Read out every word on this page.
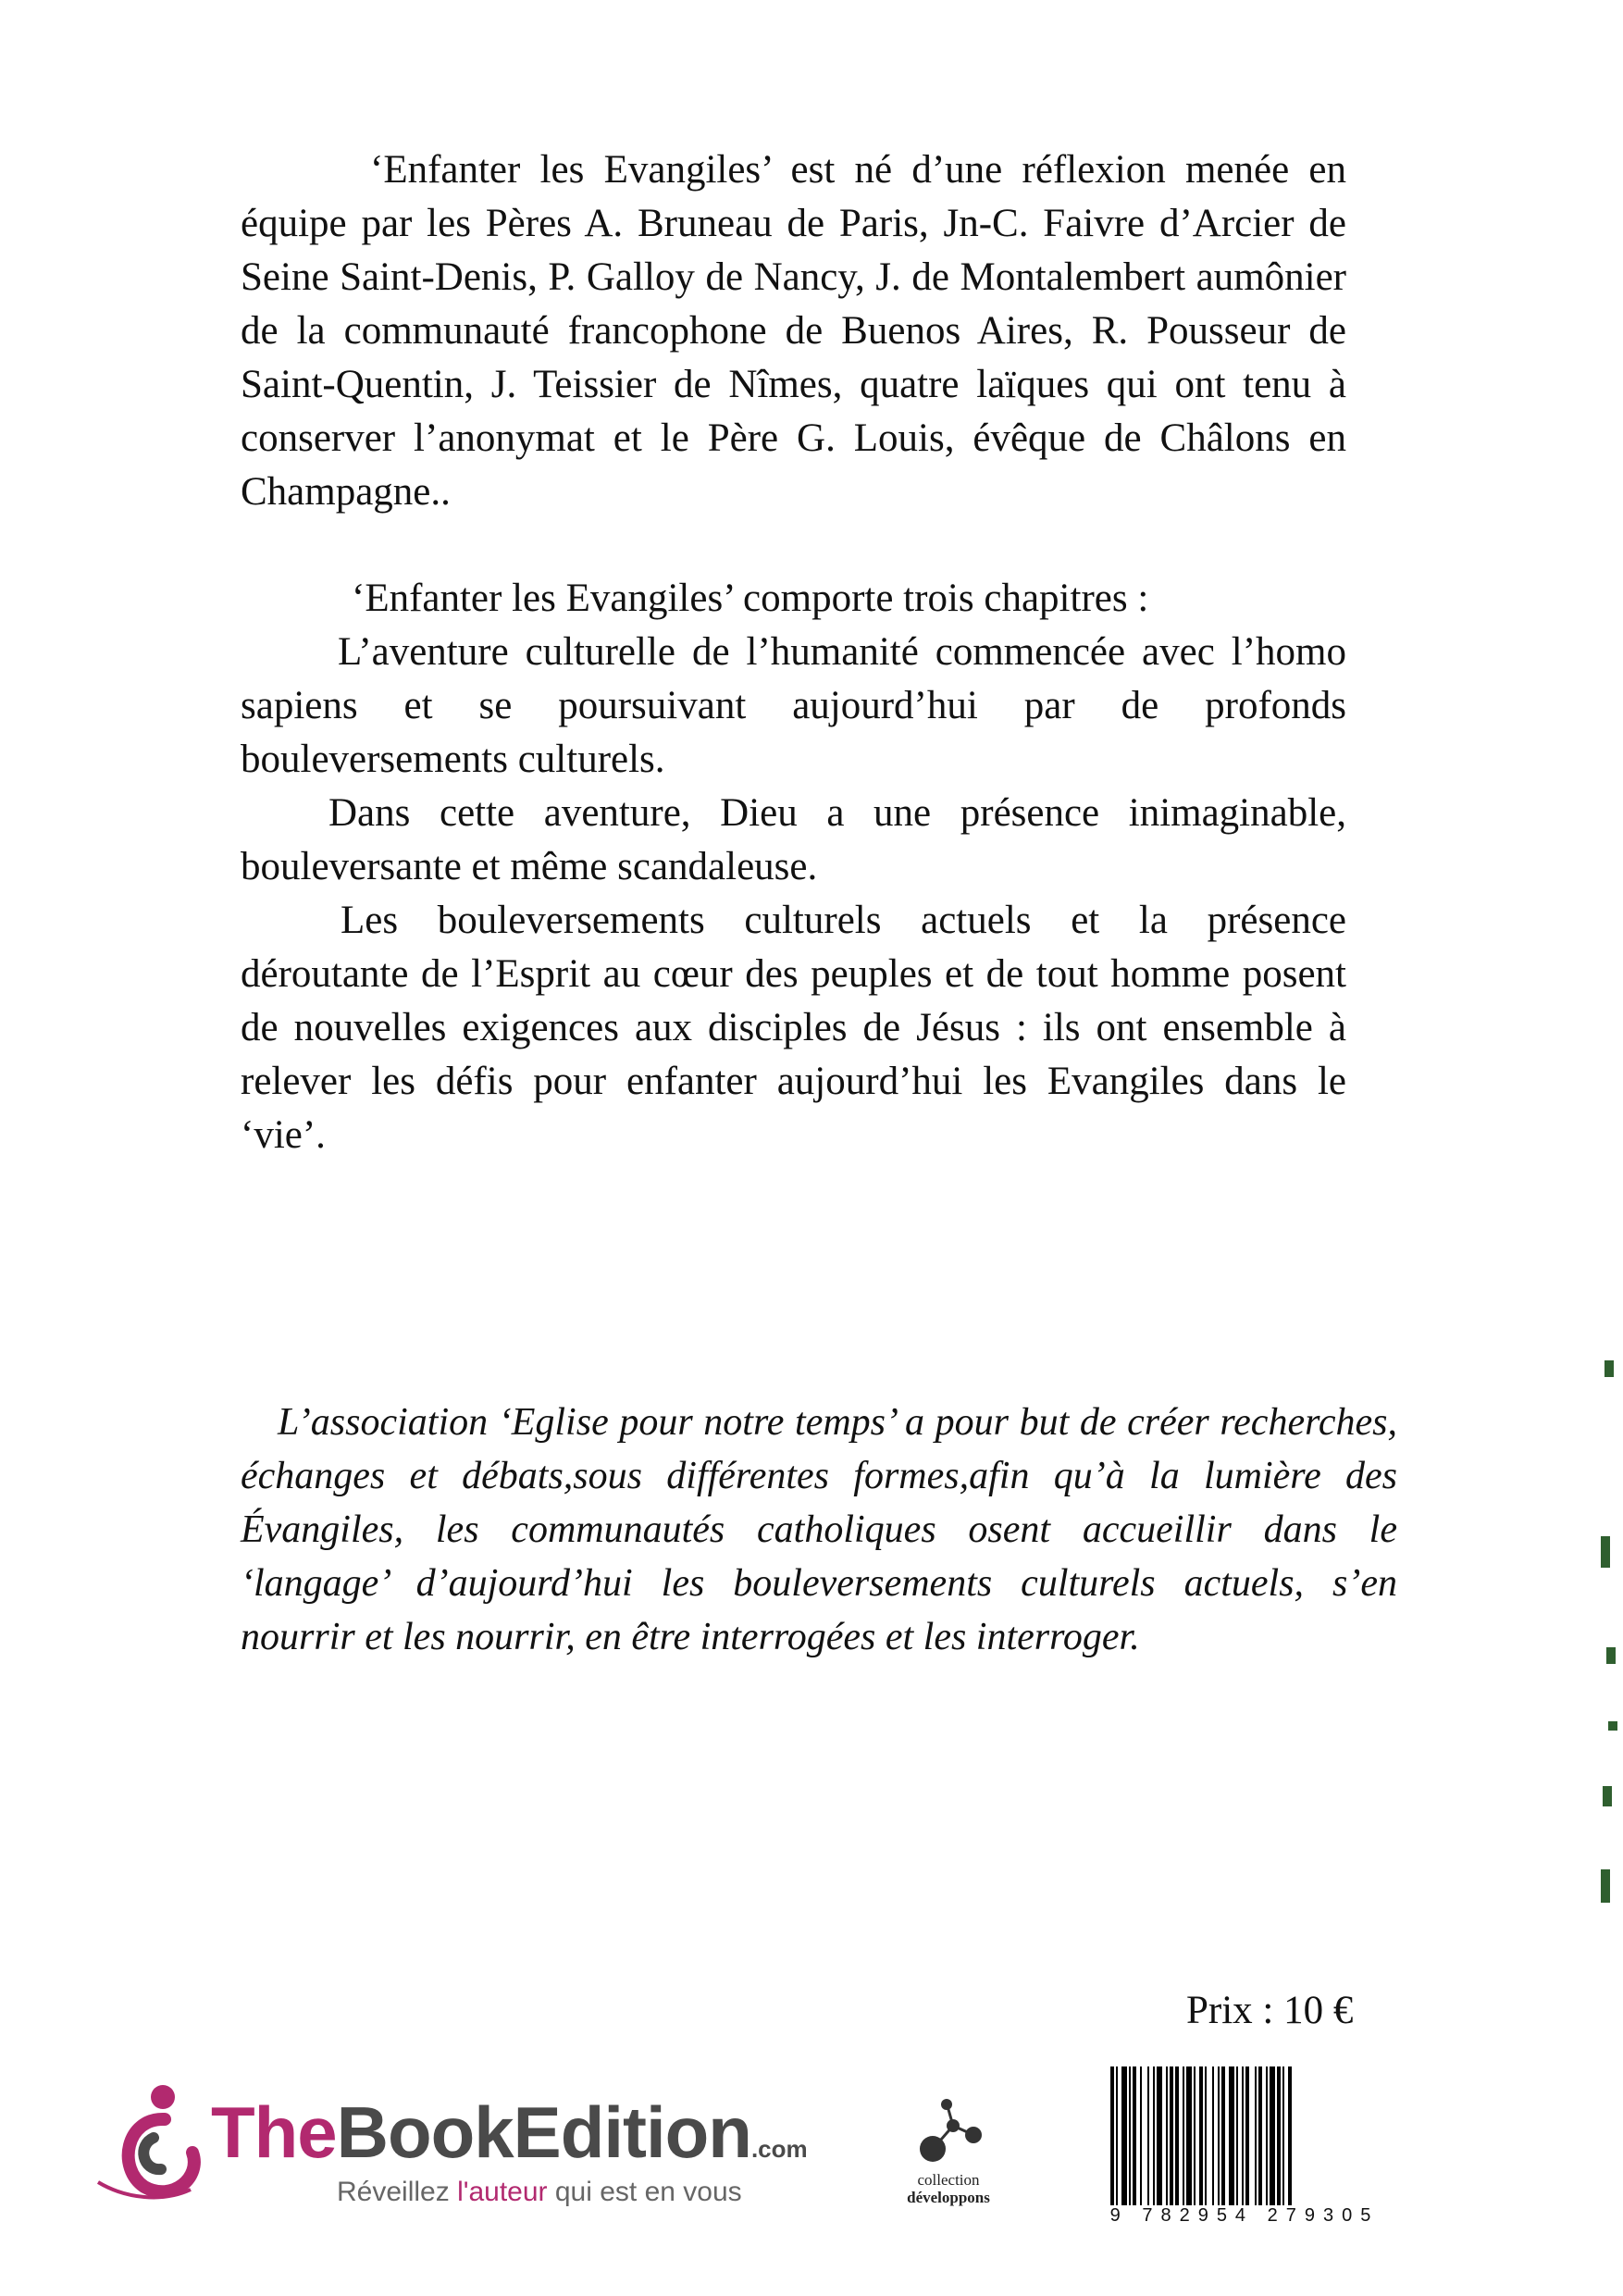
‘Enfanter les Evangiles’ est né d’une réflexion menée en équipe par les Pères A. Bruneau de Paris, Jn-C. Faivre d’Arcier de Seine Saint-Denis, P. Galloy de Nancy, J. de Montalembert aumônier de la communauté francophone de Buenos Aires, R. Pousseur de Saint-Quentin, J. Teissier de Nîmes, quatre laïques qui ont tenu à conserver l’anonymat et le Père G. Louis, évêque de Châlons en Champagne..

‘Enfanter les Evangiles’ comporte trois chapitres :

L’aventure culturelle de l’humanité commencée avec l’homo sapiens et se poursuivant aujourd’hui par de profonds bouleversements culturels.

Dans cette aventure, Dieu a une présence inimaginable, bouleversante et même scandaleuse.

Les bouleversements culturels actuels et la présence déroutante de l’Esprit au cœur des peuples et de tout homme posent de nouvelles exigences aux disciples de Jésus : ils ont ensemble à relever les défis pour enfanter aujourd’hui les Evangiles dans le ‘vie’.

L’association ‘Eglise pour notre temps’ a pour but de créer recherches, échanges et débats,sous différentes formes,afin qu’à la lumière des Évangiles, les communautés catholiques osent accueillir dans le ‘langage’ d’aujourd’hui les bouleversements culturels actuels, s’en nourrir et les nourrir, en être interrogées et les interroger.

Prix : 10 €

TheBookEdition.com
Réveillez l'auteur qui est en vous	collection
développons
9 782954 279305
